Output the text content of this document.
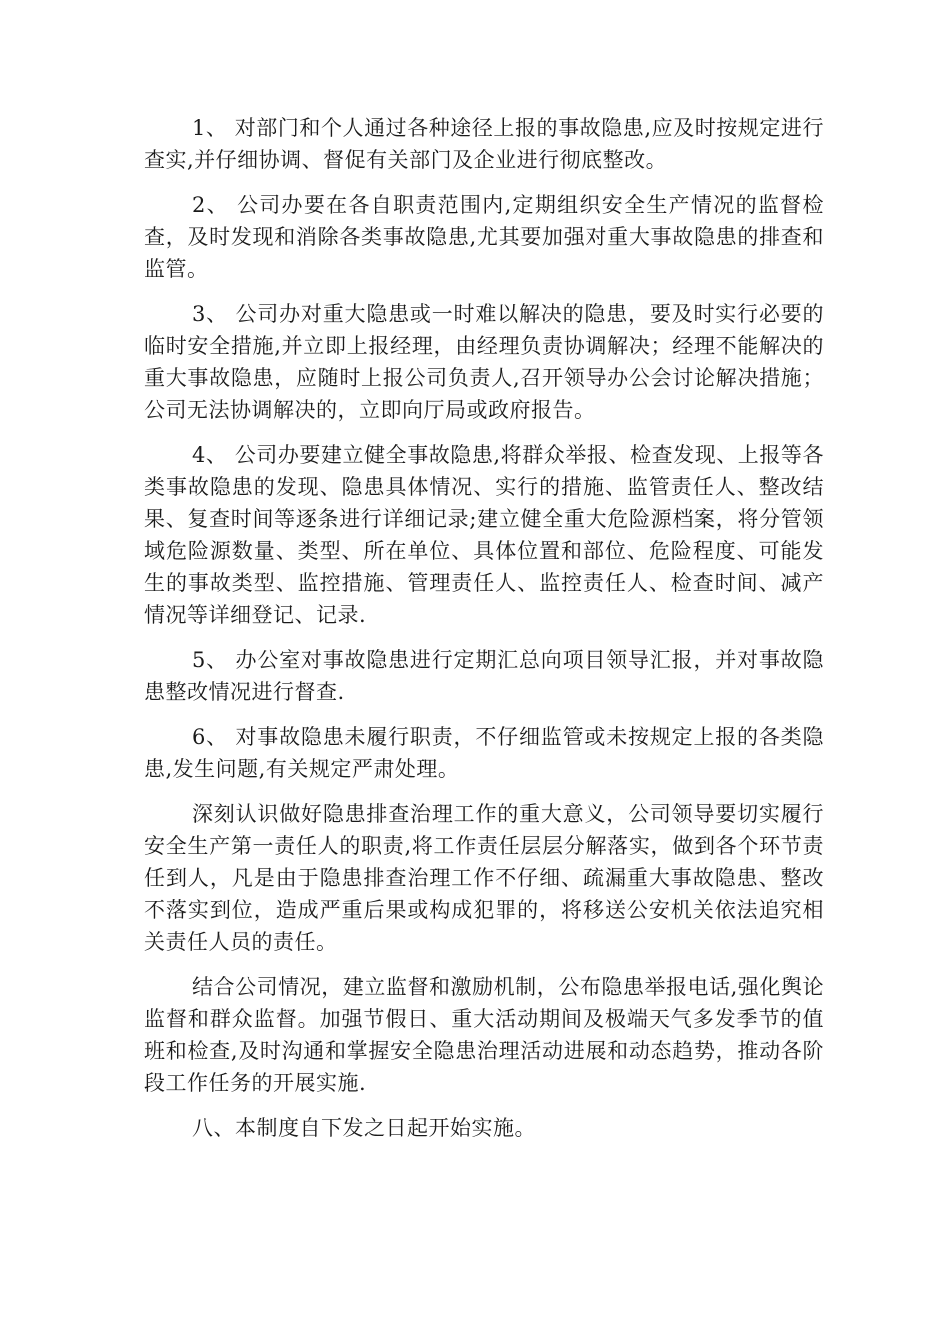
1、 对部门和个人通过各种途径上报的事故隐患,应及时按规定进行查实,并仔细协调、督促有关部门及企业进行彻底整改。

2、 公司办要在各自职责范围内,定期组织安全生产情况的监督检查，及时发现和消除各类事故隐患,尤其要加强对重大事故隐患的排查和监管。

3、 公司办对重大隐患或一时难以解决的隐患，要及时实行必要的临时安全措施,并立即上报经理，由经理负责协调解决；经理不能解决的重大事故隐患，应随时上报公司负责人,召开领导办公会讨论解决措施；公司无法协调解决的，立即向厅局或政府报告。

4、 公司办要建立健全事故隐患,将群众举报、检查发现、上报等各类事故隐患的发现、隐患具体情况、实行的措施、监管责任人、整改结果、复查时间等逐条进行详细记录;建立健全重大危险源档案，将分管领域危险源数量、类型、所在单位、具体位置和部位、危险程度、可能发生的事故类型、监控措施、管理责任人、监控责任人、检查时间、减产情况等详细登记、记录.

5、 办公室对事故隐患进行定期汇总向项目领导汇报，并对事故隐患整改情况进行督查.

6、 对事故隐患未履行职责，不仔细监管或未按规定上报的各类隐患,发生问题,有关规定严肃处理。

深刻认识做好隐患排查治理工作的重大意义，公司领导要切实履行安全生产第一责任人的职责,将工作责任层层分解落实，做到各个环节责任到人，凡是由于隐患排查治理工作不仔细、疏漏重大事故隐患、整改不落实到位，造成严重后果或构成犯罪的，将移送公安机关依法追究相关责任人员的责任。

结合公司情况，建立监督和激励机制，公布隐患举报电话,强化舆论监督和群众监督。加强节假日、重大活动期间及极端天气多发季节的值班和检查,及时沟通和掌握安全隐患治理活动进展和动态趋势，推动各阶段工作任务的开展实施.

八、本制度自下发之日起开始实施。
